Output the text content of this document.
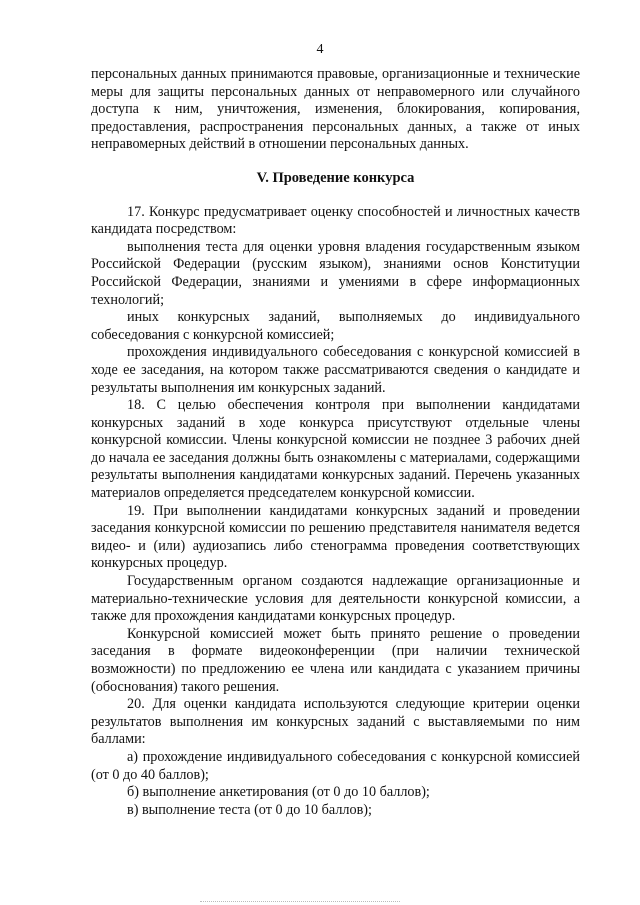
4

персональных данных принимаются правовые, организационные и технические меры для защиты персональных данных от неправомерного или случайного доступа к ним, уничтожения, изменения, блокирования, копирования, предоставления, распространения персональных данных, а также от иных неправомерных действий в отношении персональных данных.

V. Проведение конкурса

17. Конкурс предусматривает оценку способностей и личностных качеств кандидата посредством:

выполнения теста для оценки уровня владения государственным языком Российской Федерации (русским языком), знаниями основ Конституции Российской Федерации, знаниями и умениями в сфере информационных технологий;

иных конкурсных заданий, выполняемых до индивидуального собеседования с конкурсной комиссией;

прохождения индивидуального собеседования с конкурсной комиссией в ходе ее заседания, на котором также рассматриваются сведения о кандидате и результаты выполнения им конкурсных заданий.

18. С целью обеспечения контроля при выполнении кандидатами конкурсных заданий в ходе конкурса присутствуют отдельные члены конкурсной комиссии. Члены конкурсной комиссии не позднее 3 рабочих дней до начала ее заседания должны быть ознакомлены с материалами, содержащими результаты выполнения кандидатами конкурсных заданий. Перечень указанных материалов определяется председателем конкурсной комиссии.

19. При выполнении кандидатами конкурсных заданий и проведении заседания конкурсной комиссии по решению представителя нанимателя ведется видео- и (или) аудиозапись либо стенограмма проведения соответствующих конкурсных процедур.

Государственным органом создаются надлежащие организационные и материально-технические условия для деятельности конкурсной комиссии, а также для прохождения кандидатами конкурсных процедур.

Конкурсной комиссией может быть принято решение о проведении заседания в формате видеоконференции (при наличии технической возможности) по предложению ее члена или кандидата с указанием причины (обоснования) такого решения.

20. Для оценки кандидата используются следующие критерии оценки результатов выполнения им конкурсных заданий с выставляемыми по ним баллами:

а) прохождение индивидуального собеседования с конкурсной комиссией (от 0 до 40 баллов);

б) выполнение анкетирования (от 0 до 10 баллов);

в) выполнение теста (от 0 до 10 баллов);
